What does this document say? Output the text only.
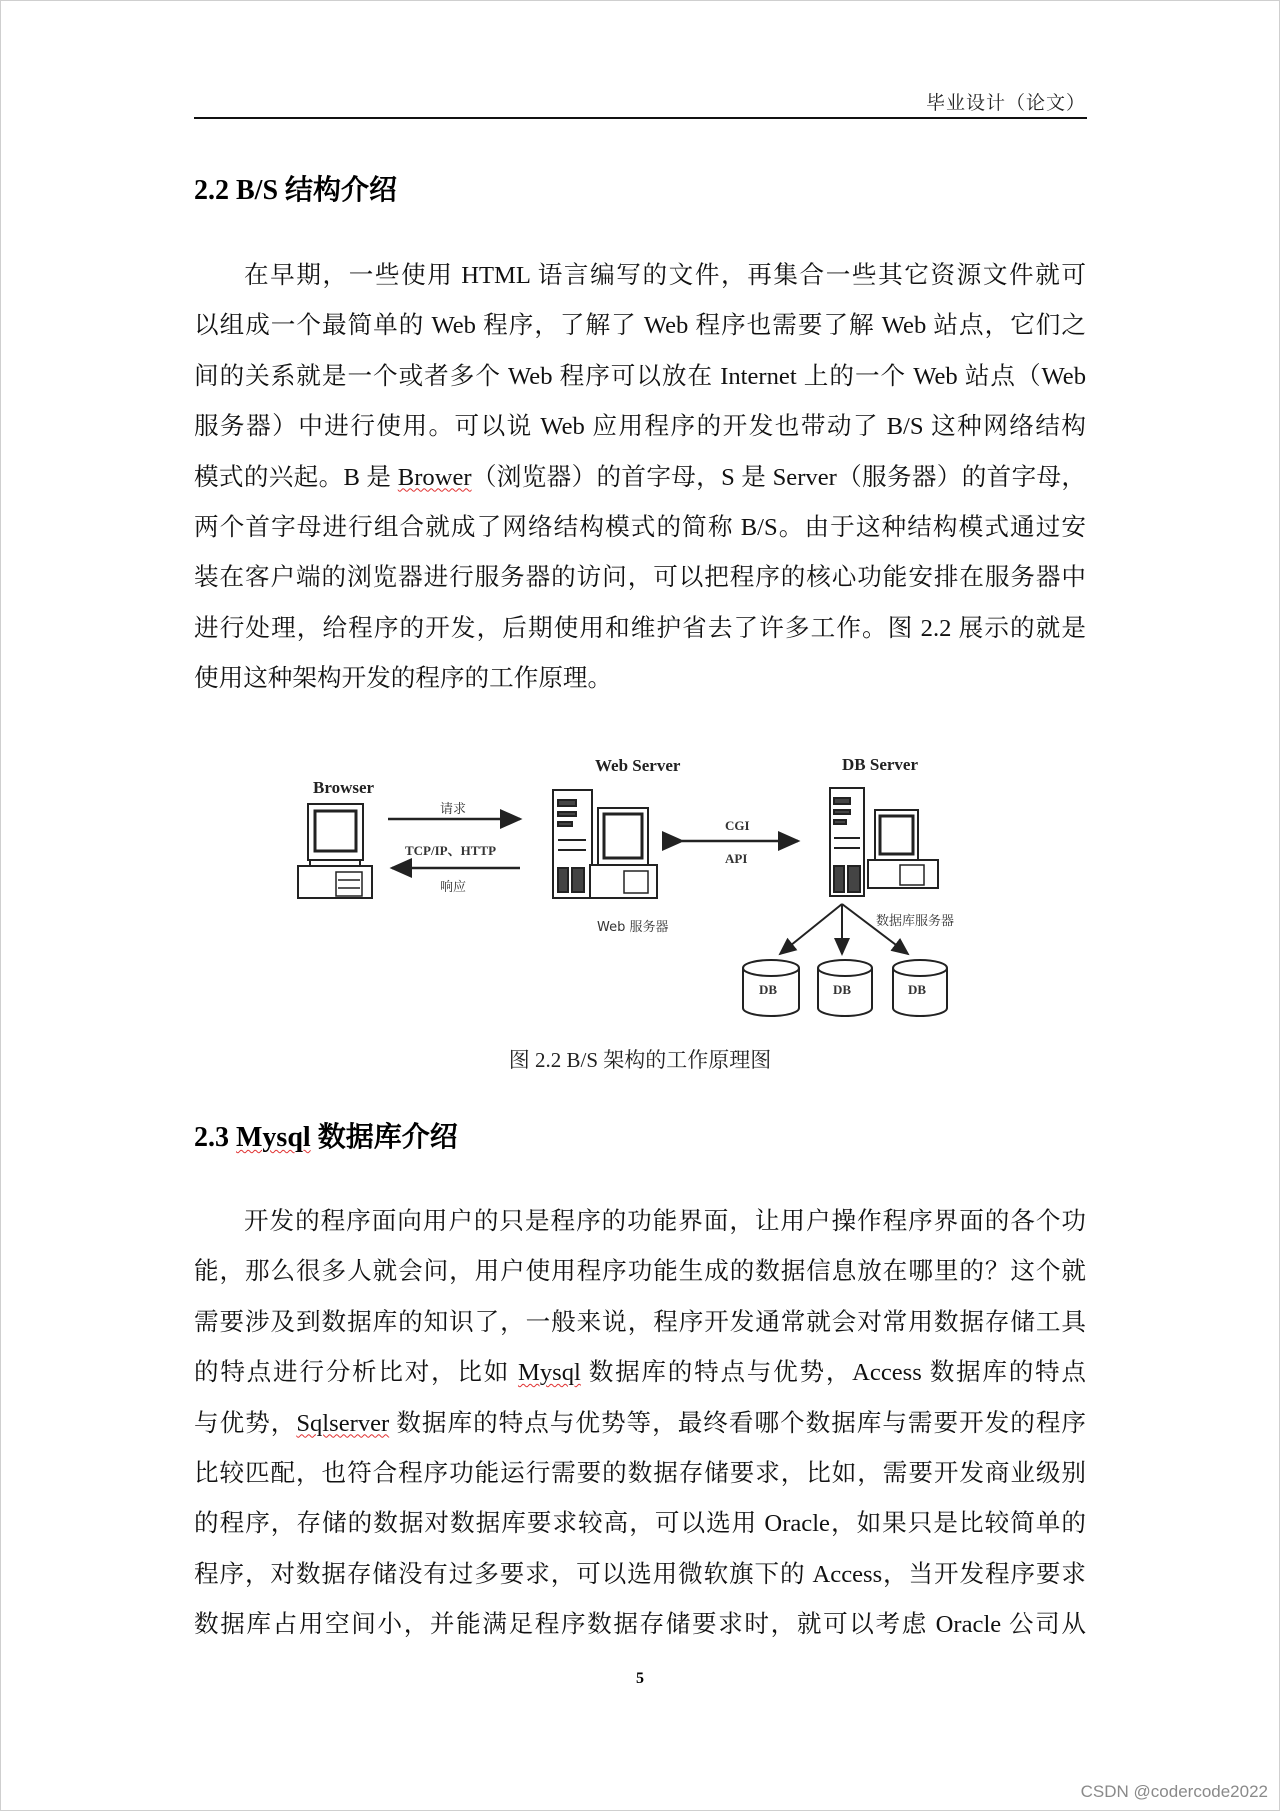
毕业设计（论文）
2.2 B/S 结构介绍
在早期，一些使用 HTML 语言编写的文件，再集合一些其它资源文件就可
以组成一个最简单的 Web 程序，了解了 Web 程序也需要了解 Web 站点，它们之
间的关系就是一个或者多个 Web 程序可以放在 Internet 上的一个 Web 站点（Web
服务器）中进行使用。可以说 Web 应用程序的开发也带动了 B/S 这种网络结构
模式的兴起。B 是 Brower（浏览器）的首字母，S 是 Server（服务器）的首字母，
两个首字母进行组合就成了网络结构模式的简称 B/S。由于这种结构模式通过安
装在客户端的浏览器进行服务器的访问，可以把程序的核心功能安排在服务器中
进行处理，给程序的开发，后期使用和维护省去了许多工作。图 2.2 展示的就是
使用这种架构开发的程序的工作原理。
Browser
Web Server	DB Server
请求
TCP/IP、HTTP
响应
CGI
API
Web 服务器	数据库服务器
DB	DB	DB
图 2.2 B/S 架构的工作原理图
2.3 Mysql 数据库介绍
开发的程序面向用户的只是程序的功能界面，让用户操作程序界面的各个功
能，那么很多人就会问，用户使用程序功能生成的数据信息放在哪里的？这个就
需要涉及到数据库的知识了，一般来说，程序开发通常就会对常用数据存储工具
的特点进行分析比对，比如 Mysql 数据库的特点与优势，Access 数据库的特点
与优势，Sqlserver 数据库的特点与优势等，最终看哪个数据库与需要开发的程序
比较匹配，也符合程序功能运行需要的数据存储要求，比如，需要开发商业级别
的程序，存储的数据对数据库要求较高，可以选用 Oracle，如果只是比较简单的
程序，对数据存储没有过多要求，可以选用微软旗下的 Access，当开发程序要求
数据库占用空间小，并能满足程序数据存储要求时，就可以考虑 Oracle 公司从
5
CSDN @codercode2022
